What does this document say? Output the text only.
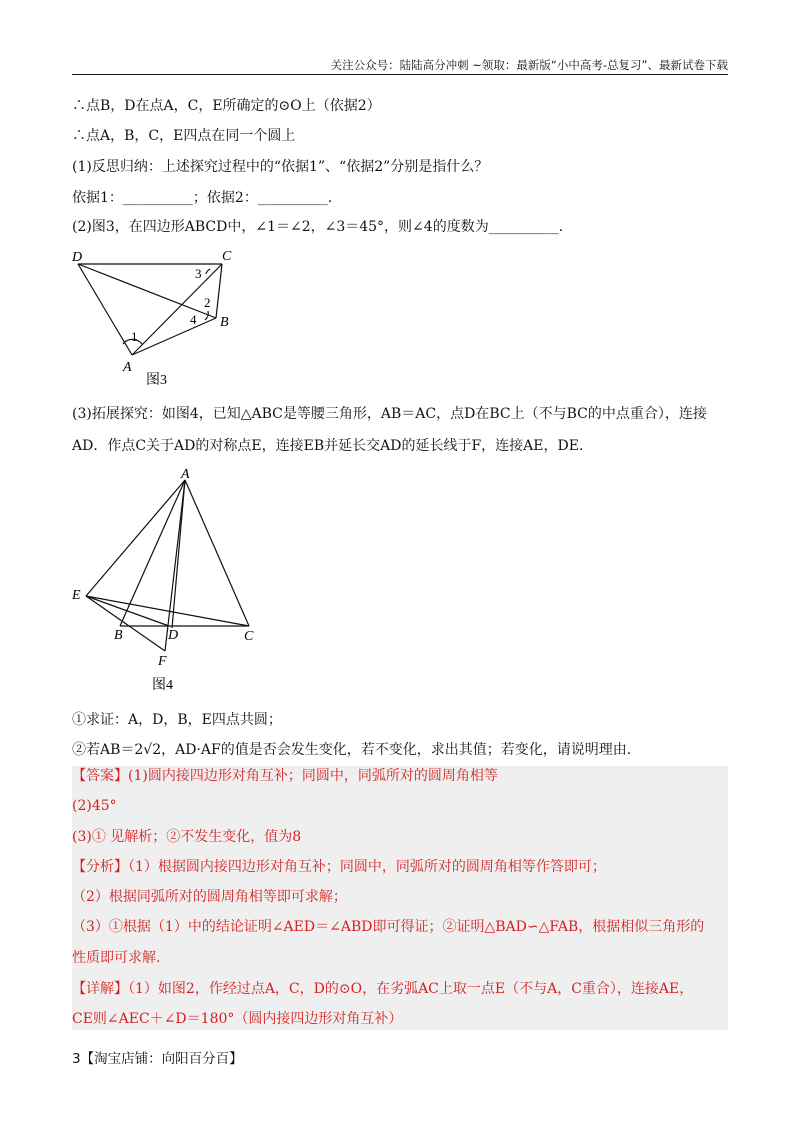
关注公众号：陆陆高分冲刺 ~领取：最新版“小中高考-总复习”、最新试卷下载
∴点B，D在点A，C，E所确定的⊙O上（依据2）
∴点A，B，C，E四点在同一个圆上
(1)反思归纳：上述探究过程中的“依据1”、“依据2”分别是指什么？
依据1：__________；依据2：__________.
(2)图3，在四边形ABCD中，∠1＝∠2，∠3＝45°，则∠4的度数为__________.
D	C
B
A
1
2
3
4
图3
(3)拓展探究：如图4，已知△ABC是等腰三角形，AB＝AC，点D在BC上（不与BC的中点重合），连接
AD．作点C关于AD的对称点E，连接EB并延长交AD的延长线于F，连接AE，DE.
A
E
B	D	C
F
图4
①求证：A，D，B，E四点共圆；
②若AB＝2√2，AD·AF的值是否会发生变化，若不变化，求出其值；若变化，请说明理由.
【答案】(1)圆内接四边形对角互补；同圆中，同弧所对的圆周角相等
(2)45°
(3)① 见解析；②不发生变化，值为8
【分析】（1）根据圆内接四边形对角互补；同圆中，同弧所对的圆周角相等作答即可；
（2）根据同弧所对的圆周角相等即可求解；
（3）①根据（1）中的结论证明∠AED＝∠ABD即可得证；②证明△BAD∽△FAB，根据相似三角形的
性质即可求解.
【详解】（1）如图2，作经过点A，C，D的⊙O，在劣弧AC上取一点E（不与A，C重合），连接AE，
CE则∠AEC＋∠D＝180°（圆内接四边形对角互补）
3【淘宝店铺：向阳百分百】
